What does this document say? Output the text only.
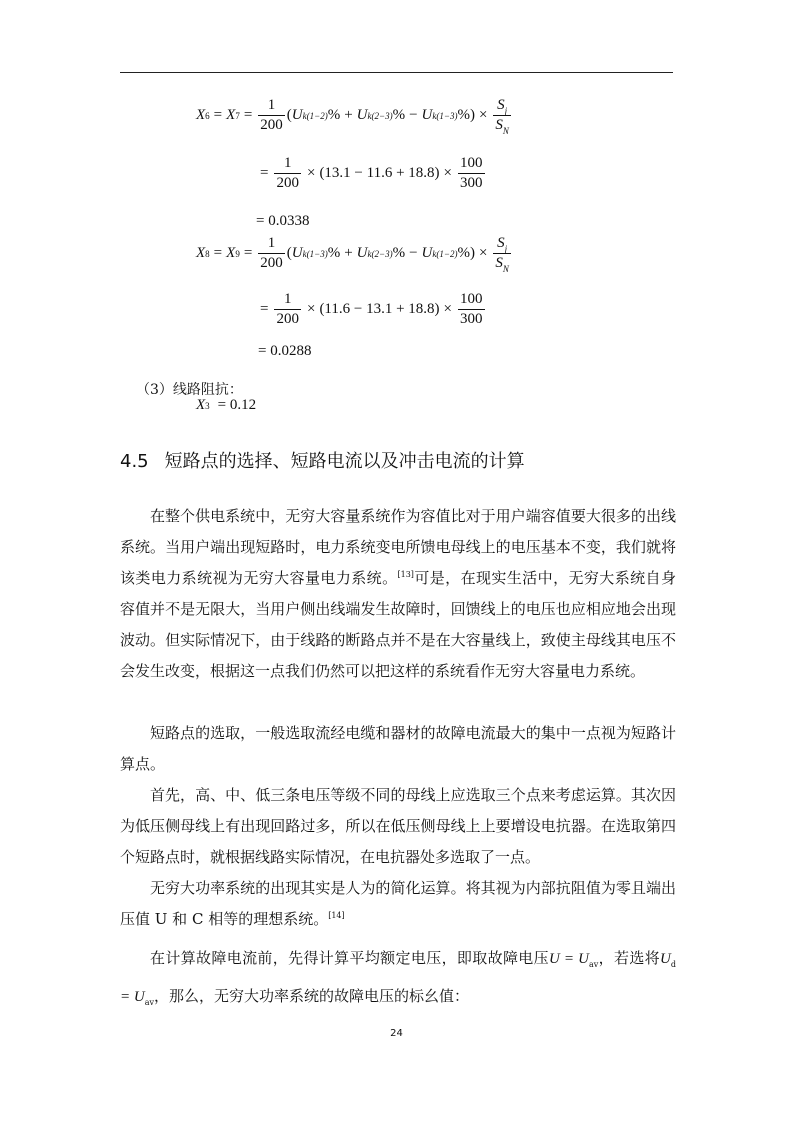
X 6 = X $7 = \frac{1}{200}$ ( U k(1−2) % + U k(2−3) % − U k(1−3) % ) × $\frac{S_j}{S_N}$
= $\frac{1}{200} \times (13.1 - 11.6 + 18.8) \times \frac{100}{300}$
= 0.0338
X 8 = X $9 = \frac{1}{200}$ ( U k(1−3) % + U k(2−3) % − U k(1−2) % ) × $\frac{S_j}{S_N}$
= $\frac{1}{200} \times (11.6 - 13.1 + 18.8) \times \frac{100}{300}$
= 0.0288
（3）线路阻抗：
X 3 = 0.12
4.5 短路点的选择、短路电流以及冲击电流的计算
在整个供电系统中，无穷大容量系统作为容值比对于用户端容值要大很多的出线系统。当用户端出现短路时，电力系统变电所馈电母线上的电压基本不变，我们就将该类电力系统视为无穷大容量电力系统。[13]可是，在现实生活中，无穷大系统自身容值并不是无限大，当用户侧出线端发生故障时，回馈线上的电压也应相应地会出现波动。但实际情况下，由于线路的断路点并不是在大容量线上，致使主母线其电压不会发生改变，根据这一点我们仍然可以把这样的系统看作无穷大容量电力系统。
短路点的选取，一般选取流经电缆和器材的故障电流最大的集中一点视为短路计算点。
首先，高、中、低三条电压等级不同的母线上应选取三个点来考虑运算。其次因为低压侧母线上有出现回路过多，所以在低压侧母线上上要增设电抗器。在选取第四个短路点时，就根据线路实际情况，在电抗器处多选取了一点。
无穷大功率系统的出现其实是人为的简化运算。将其视为内部抗阻值为零且端出压值 U 和 C 相等的理想系统。[14]
在计算故障电流前，先得计算平均额定电压，即取故障电压$U = U_{av}$，若选将$U_d = U_{av}$，那么，无穷大功率系统的故障电压的标幺值：
24
